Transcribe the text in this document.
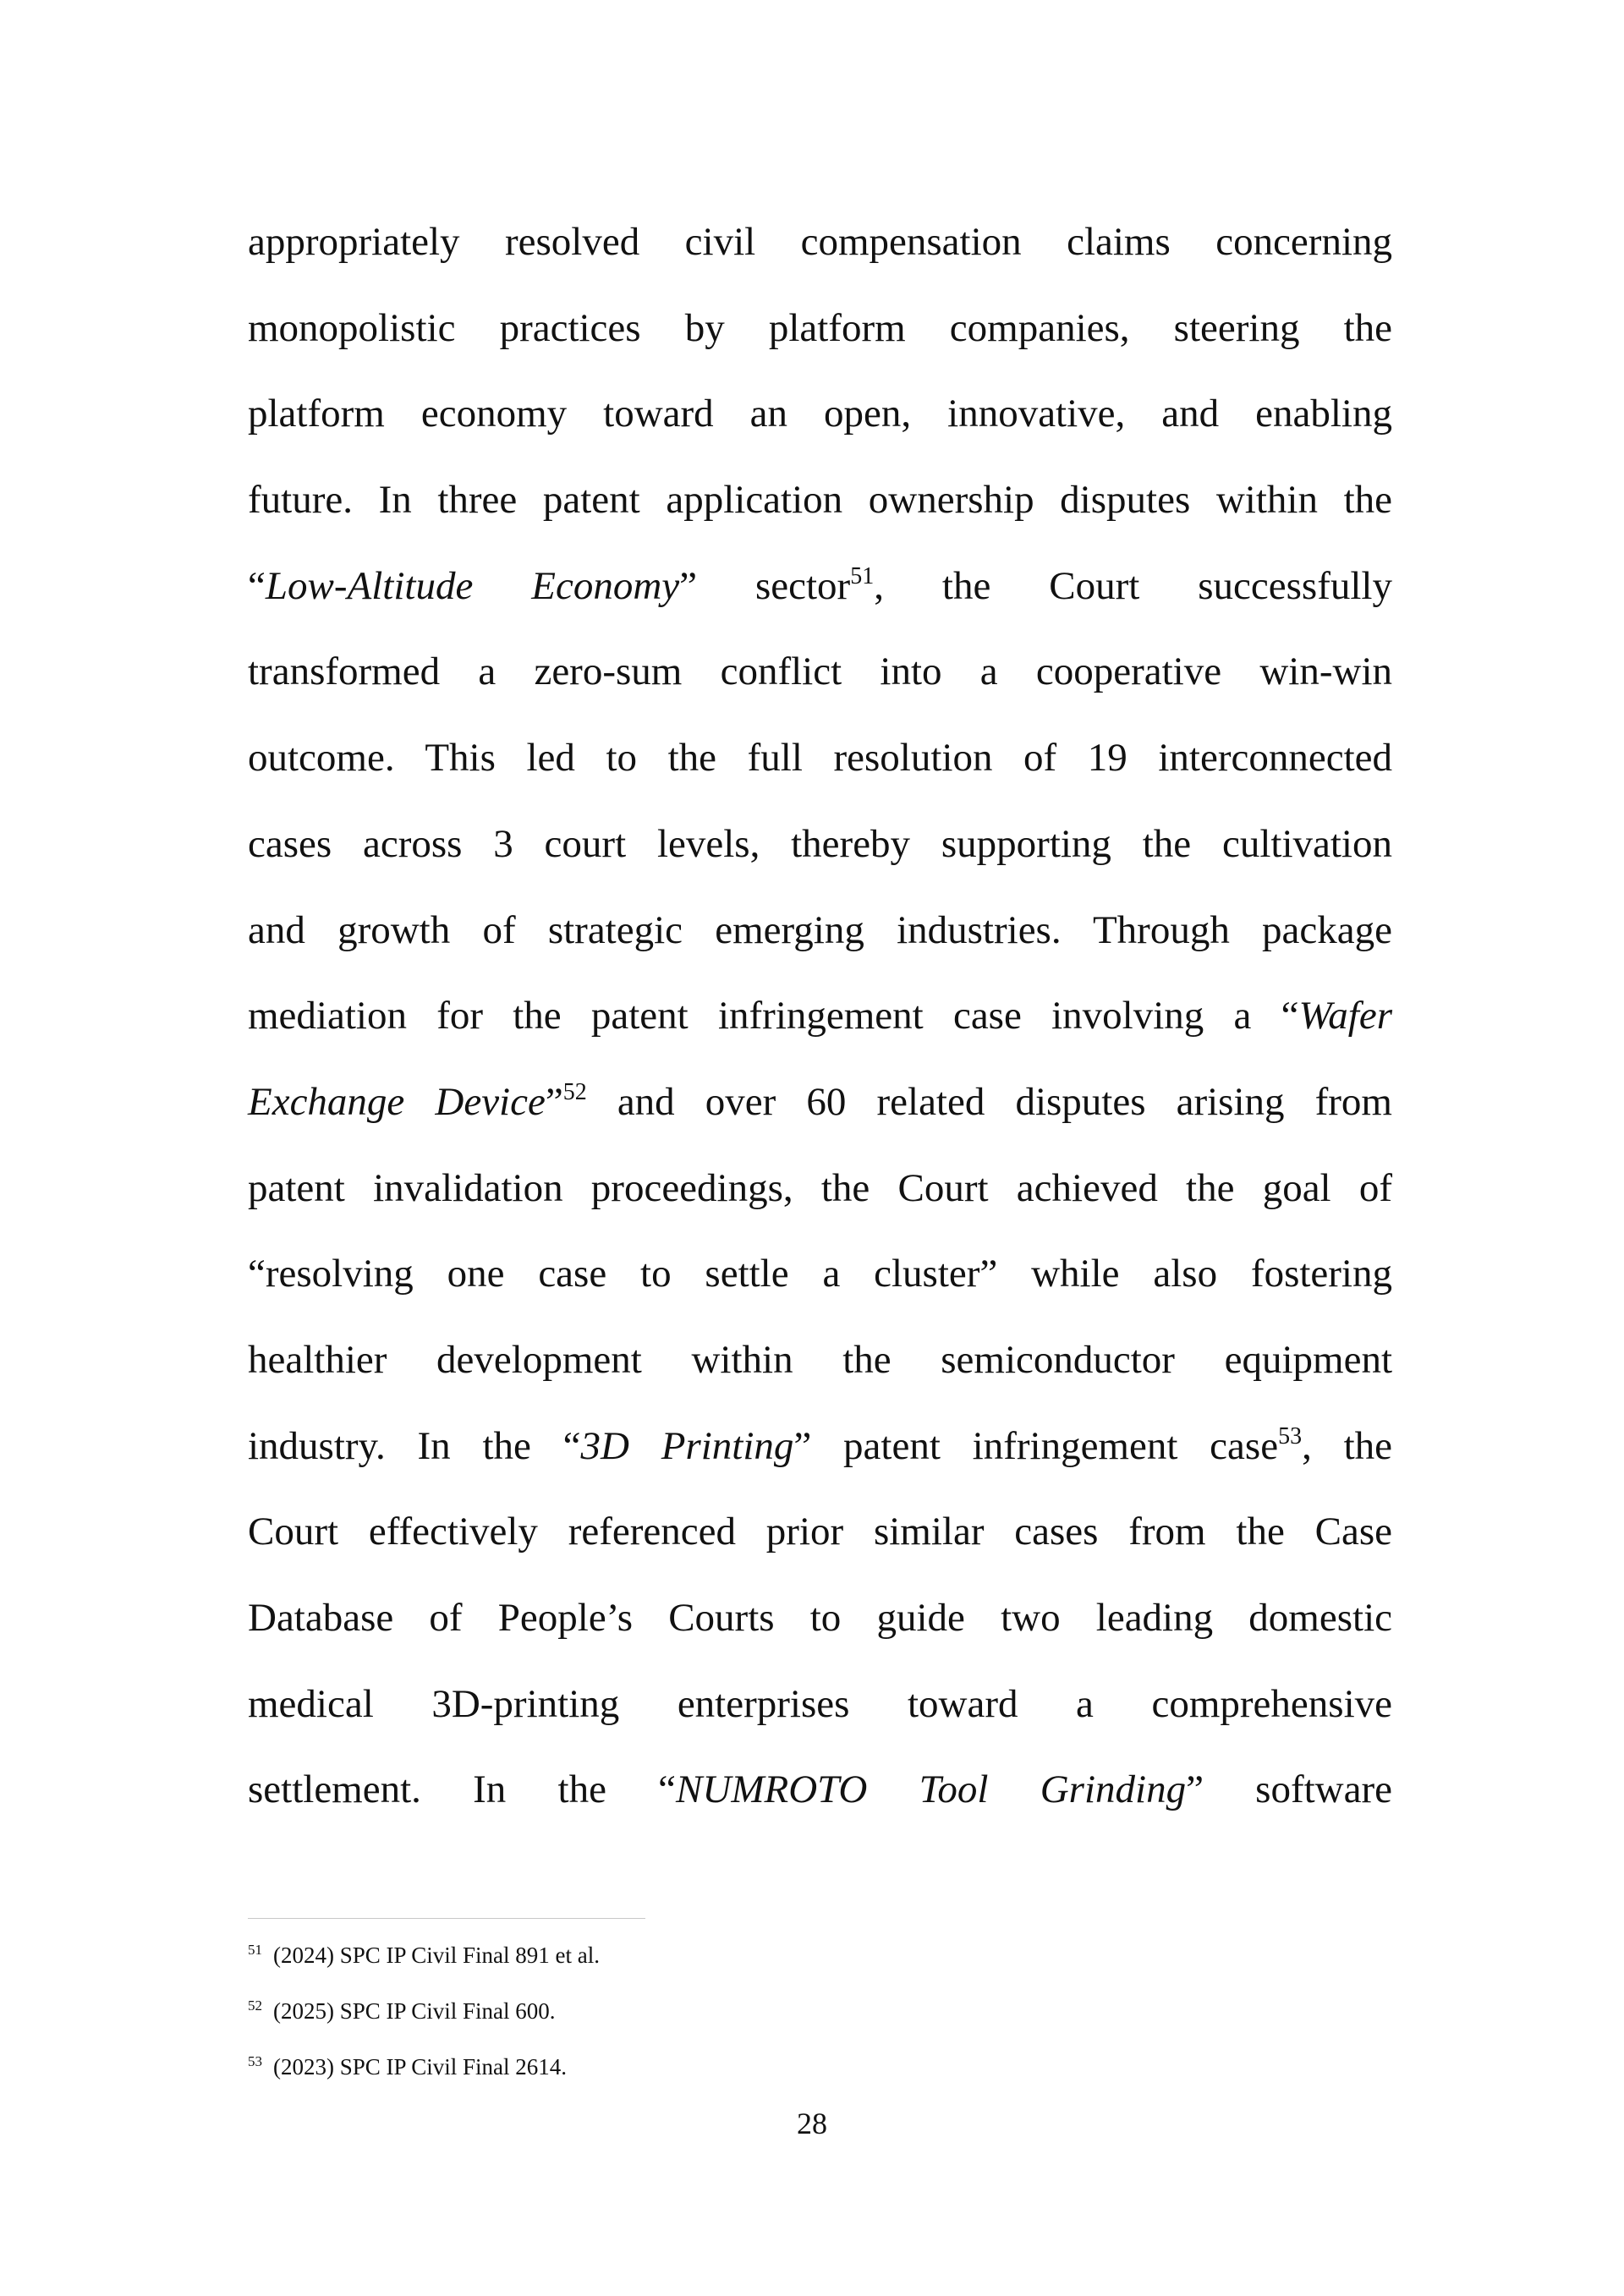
appropriately resolved civil compensation claims concerning
monopolistic practices by platform companies, steering the
platform economy toward an open, innovative, and enabling
future. In three patent application ownership disputes within the
“Low-Altitude Economy” sector$^{51}$, the Court successfully
transformed a zero-sum conflict into a cooperative win-win
outcome. This led to the full resolution of 19 interconnected
cases across 3 court levels, thereby supporting the cultivation
and growth of strategic emerging industries. Through package
mediation for the patent infringement case involving a “Wafer
Exchange Device”$^{52}$ and over 60 related disputes arising from
patent invalidation proceedings, the Court achieved the goal of
“resolving one case to settle a cluster” while also fostering
healthier development within the semiconductor equipment
industry. In the “3D Printing” patent infringement case$^{53}$, the
Court effectively referenced prior similar cases from the Case
Database of People’s Courts to guide two leading domestic
medical 3D-printing enterprises toward a comprehensive
settlement. In the “NUMROTO Tool Grinding” software
51 (2024) SPC IP Civil Final 891 et al.
52 (2025) SPC IP Civil Final 600.
53 (2023) SPC IP Civil Final 2614.
28
